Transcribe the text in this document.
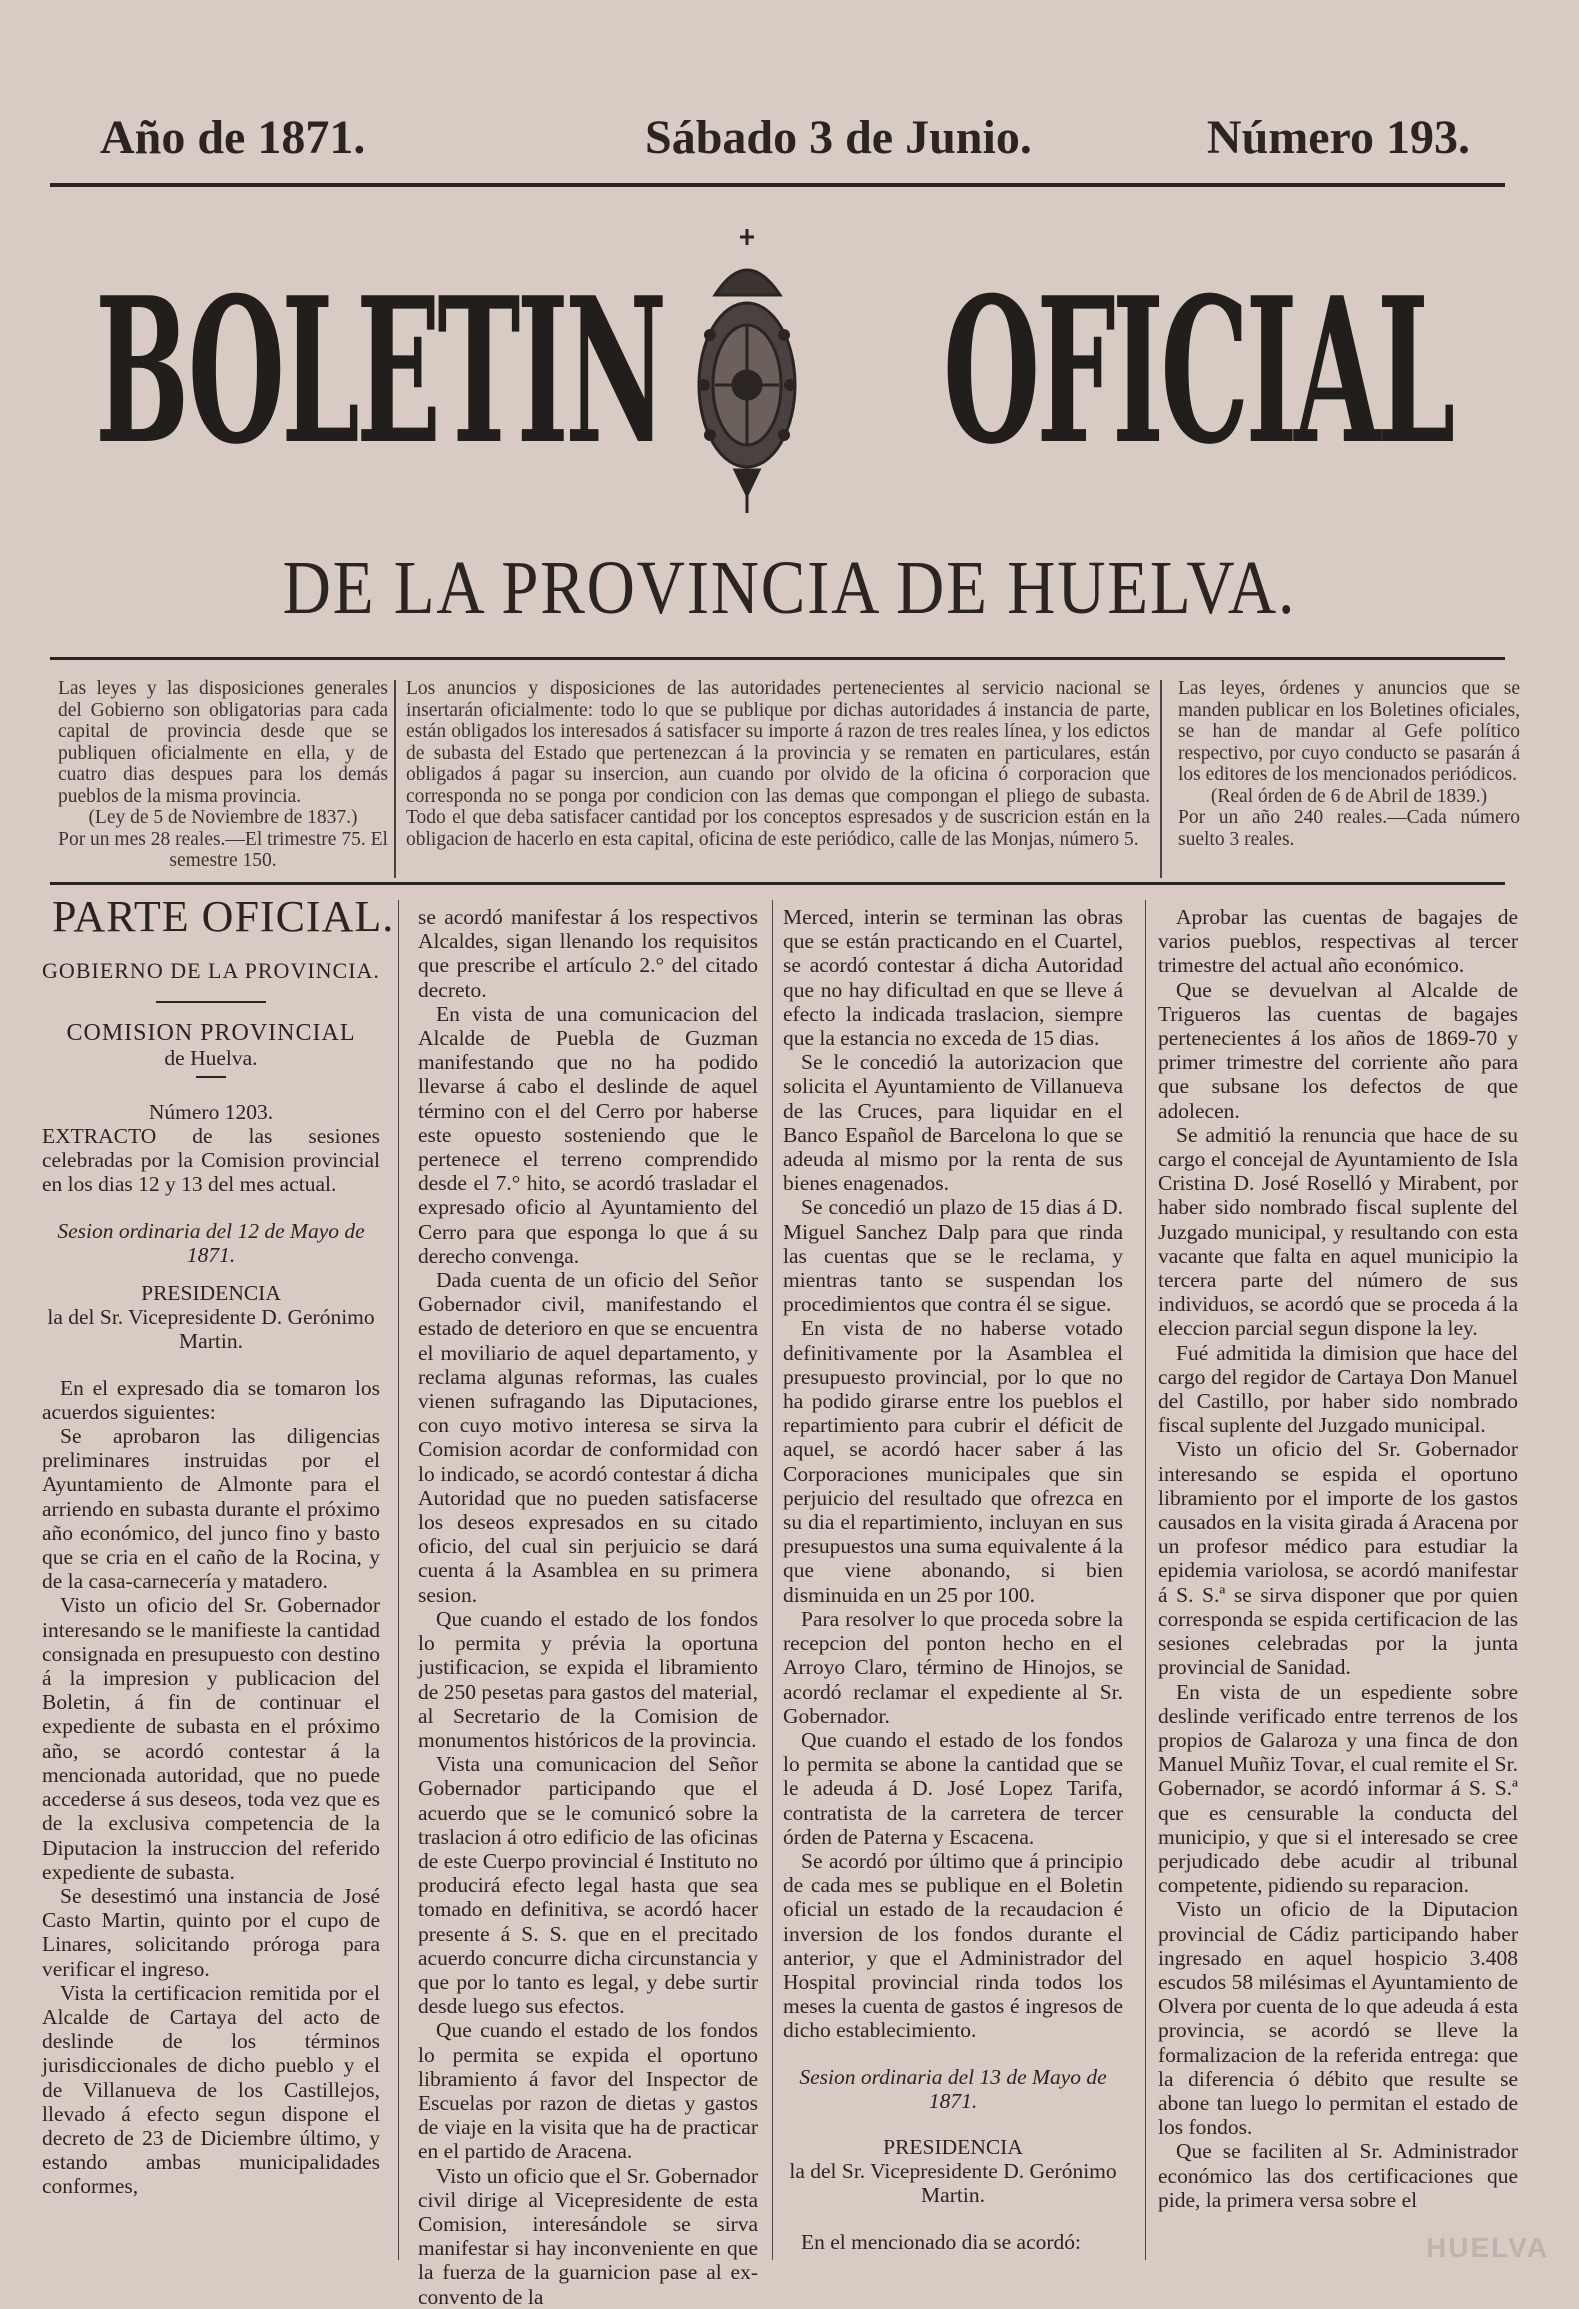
Año de 1871.	Sábado 3 de Junio.	Número 193.
BOLETIN OFICIAL
DE LA PROVINCIA DE HUELVA.

Las leyes y las disposiciones generales del Gobierno son obligatorias para cada capital de provincia desde que se publiquen oficialmente en ella, y de cuatro dias despues para los demás pueblos de la misma provincia.

(Ley de 5 de Noviembre de 1837.)

Por un mes 28 reales.—El trimestre 75. El semestre 150.

Los anuncios y disposiciones de las autoridades pertenecientes al servicio nacional se insertarán oficialmente: todo lo que se publique por dichas autoridades á instancia de parte, están obligados los interesados á satisfacer su importe á razon de tres reales línea, y los edictos de subasta del Estado que pertenezcan á la provincia y se rematen en particulares, están obligados á pagar su insercion, aun cuando por olvido de la oficina ó corporacion que corresponda no se ponga por condicion con las demas que compongan el pliego de subasta. Todo el que deba satisfacer cantidad por los conceptos espresados y de suscricion están en la obligacion de hacerlo en esta capital, oficina de este periódico, calle de las Monjas, número 5.

Las leyes, órdenes y anuncios que se manden publicar en los Boletines oficiales, se han de mandar al Gefe político respectivo, por cuyo conducto se pasarán á los editores de los mencionados periódicos.

(Real órden de 6 de Abril de 1839.)

Por un año 240 reales.—Cada número suelto 3 reales.

PARTE OFICIAL.

GOBIERNO DE LA PROVINCIA.

COMISION PROVINCIAL

de Huelva.

Número 1203.

EXTRACTO de las sesiones celebradas por la Comision provincial en los dias 12 y 13 del mes actual.

Sesion ordinaria del 12 de Mayo de 1871.

PRESIDENCIA

la del Sr. Vicepresidente D. Gerónimo Martin.

En el expresado dia se tomaron los acuerdos siguientes:

Se aprobaron las diligencias preliminares instruidas por el Ayuntamiento de Almonte para el arriendo en subasta durante el próximo año económico, del junco fino y basto que se cria en el caño de la Rocina, y de la casa-carnecería y matadero.

Visto un oficio del Sr. Gobernador interesando se le manifieste la cantidad consignada en presupuesto con destino á la impresion y publicacion del Boletin, á fin de continuar el expediente de subasta en el próximo año, se acordó contestar á la mencionada autoridad, que no puede accederse á sus deseos, toda vez que es de la exclusiva competencia de la Diputacion la instruccion del referido expediente de subasta.

Se desestimó una instancia de José Casto Martin, quinto por el cupo de Linares, solicitando próroga para verificar el ingreso.

Vista la certificacion remitida por el Alcalde de Cartaya del acto de deslinde de los términos jurisdiccionales de dicho pueblo y el de Villanueva de los Castillejos, llevado á efecto segun dispone el decreto de 23 de Diciembre último, y estando ambas municipalidades conformes,

se acordó manifestar á los respectivos Alcaldes, sigan llenando los requisitos que prescribe el artículo 2.° del citado decreto.

En vista de una comunicacion del Alcalde de Puebla de Guzman manifestando que no ha podido llevarse á cabo el deslinde de aquel término con el del Cerro por haberse este opuesto sosteniendo que le pertenece el terreno comprendido desde el 7.° hito, se acordó trasladar el expresado oficio al Ayuntamiento del Cerro para que esponga lo que á su derecho convenga.

Dada cuenta de un oficio del Señor Gobernador civil, manifestando el estado de deterioro en que se encuentra el moviliario de aquel departamento, y reclama algunas reformas, las cuales vienen sufragando las Diputaciones, con cuyo motivo interesa se sirva la Comision acordar de conformidad con lo indicado, se acordó contestar á dicha Autoridad que no pueden satisfacerse los deseos expresados en su citado oficio, del cual sin perjuicio se dará cuenta á la Asamblea en su primera sesion.

Que cuando el estado de los fondos lo permita y prévia la oportuna justificacion, se expida el libramiento de 250 pesetas para gastos del material, al Secretario de la Comision de monumentos históricos de la provincia.

Vista una comunicacion del Señor Gobernador participando que el acuerdo que se le comunicó sobre la traslacion á otro edificio de las oficinas de este Cuerpo provincial é Instituto no producirá efecto legal hasta que sea tomado en definitiva, se acordó hacer presente á S. S. que en el precitado acuerdo concurre dicha circunstancia y que por lo tanto es legal, y debe surtir desde luego sus efectos.

Que cuando el estado de los fondos lo permita se expida el oportuno libramiento á favor del Inspector de Escuelas por razon de dietas y gastos de viaje en la visita que ha de practicar en el partido de Aracena.

Visto un oficio que el Sr. Gobernador civil dirige al Vicepresidente de esta Comision, interesándole se sirva manifestar si hay inconveniente en que la fuerza de la guarnicion pase al ex-convento de la

Merced, interin se terminan las obras que se están practicando en el Cuartel, se acordó contestar á dicha Autoridad que no hay dificultad en que se lleve á efecto la indicada traslacion, siempre que la estancia no exceda de 15 dias.

Se le concedió la autorizacion que solicita el Ayuntamiento de Villanueva de las Cruces, para liquidar en el Banco Español de Barcelona lo que se adeuda al mismo por la renta de sus bienes enagenados.

Se concedió un plazo de 15 dias á D. Miguel Sanchez Dalp para que rinda las cuentas que se le reclama, y mientras tanto se suspendan los procedimientos que contra él se sigue.

En vista de no haberse votado definitivamente por la Asamblea el presupuesto provincial, por lo que no ha podido girarse entre los pueblos el repartimiento para cubrir el déficit de aquel, se acordó hacer saber á las Corporaciones municipales que sin perjuicio del resultado que ofrezca en su dia el repartimiento, incluyan en sus presupuestos una suma equivalente á la que viene abonando, si bien disminuida en un 25 por 100.

Para resolver lo que proceda sobre la recepcion del ponton hecho en el Arroyo Claro, término de Hinojos, se acordó reclamar el expediente al Sr. Gobernador.

Que cuando el estado de los fondos lo permita se abone la cantidad que se le adeuda á D. José Lopez Tarifa, contratista de la carretera de tercer órden de Paterna y Escacena.

Se acordó por último que á principio de cada mes se publique en el Boletin oficial un estado de la recaudacion é inversion de los fondos durante el anterior, y que el Administrador del Hospital provincial rinda todos los meses la cuenta de gastos é ingresos de dicho establecimiento.

Sesion ordinaria del 13 de Mayo de 1871.

PRESIDENCIA

la del Sr. Vicepresidente D. Gerónimo Martin.

En el mencionado dia se acordó:

Aprobar las cuentas de bagajes de varios pueblos, respectivas al tercer trimestre del actual año económico.

Que se devuelvan al Alcalde de Trigueros las cuentas de bagajes pertenecientes á los años de 1869-70 y primer trimestre del corriente año para que subsane los defectos de que adolecen.

Se admitió la renuncia que hace de su cargo el concejal de Ayuntamiento de Isla Cristina D. José Roselló y Mirabent, por haber sido nombrado fiscal suplente del Juzgado municipal, y resultando con esta vacante que falta en aquel municipio la tercera parte del número de sus individuos, se acordó que se proceda á la eleccion parcial segun dispone la ley.

Fué admitida la dimision que hace del cargo del regidor de Cartaya Don Manuel del Castillo, por haber sido nombrado fiscal suplente del Juzgado municipal.

Visto un oficio del Sr. Gobernador interesando se espida el oportuno libramiento por el importe de los gastos causados en la visita girada á Aracena por un profesor médico para estudiar la epidemia variolosa, se acordó manifestar á S. S.ª se sirva disponer que por quien corresponda se espida certificacion de las sesiones celebradas por la junta provincial de Sanidad.

En vista de un espediente sobre deslinde verificado entre terrenos de los propios de Galaroza y una finca de don Manuel Muñiz Tovar, el cual remite el Sr. Gobernador, se acordó informar á S. S.ª que es censurable la conducta del municipio, y que si el interesado se cree perjudicado debe acudir al tribunal competente, pidiendo su reparacion.

Visto un oficio de la Diputacion provincial de Cádiz participando haber ingresado en aquel hospicio 3.408 escudos 58 milésimas el Ayuntamiento de Olvera por cuenta de lo que adeuda á esta provincia, se acordó se lleve la formalizacion de la referida entrega: que la diferencia ó débito que resulte se abone tan luego lo permitan el estado de los fondos.

Que se faciliten al Sr. Administrador económico las dos certificaciones que pide, la primera versa sobre el

HUELVA
